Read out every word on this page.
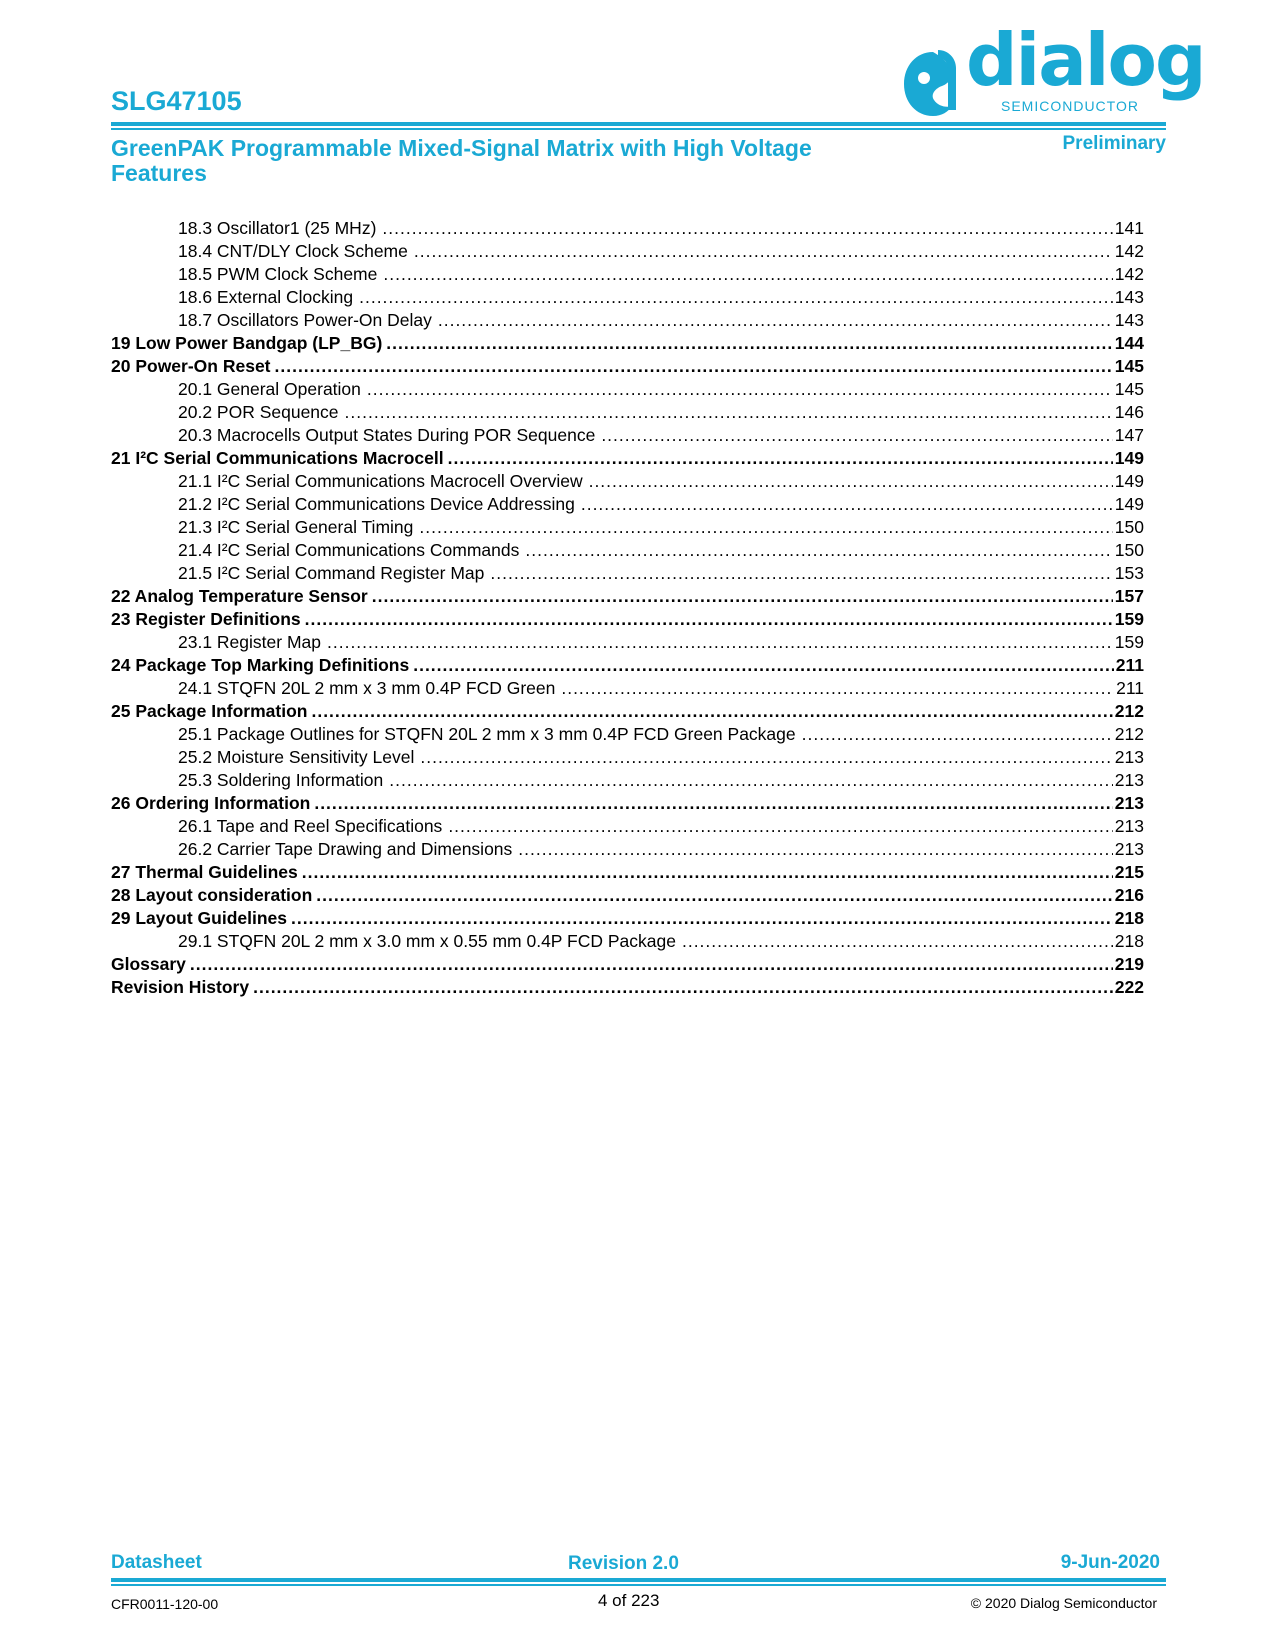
SLG47105
GreenPAK Programmable Mixed-Signal Matrix with High Voltage Features
Preliminary
dialog
SEMICONDUCTOR
18.3 Oscillator1 (25 MHz) .....	141
18.4 CNT/DLY Clock Scheme .....	142
18.5 PWM Clock Scheme .....	142
18.6 External Clocking .....	143
18.7 Oscillators Power-On Delay .....	143
19 Low Power Bandgap (LP_BG) .....	144
20 Power-On Reset .....	145
20.1 General Operation .....	145
20.2 POR Sequence .....	146
20.3 Macrocells Output States During POR Sequence .....	147
21 I²C Serial Communications Macrocell .....	149
21.1 I²C Serial Communications Macrocell Overview .....	149
21.2 I²C Serial Communications Device Addressing .....	149
21.3 I²C Serial General Timing .....	150
21.4 I²C Serial Communications Commands .....	150
21.5 I²C Serial Command Register Map .....	153
22 Analog Temperature Sensor .....	157
23 Register Definitions .....	159
23.1 Register Map .....	159
24 Package Top Marking Definitions .....	211
24.1 STQFN 20L 2 mm x 3 mm 0.4P FCD Green .....	211
25 Package Information .....	212
25.1 Package Outlines for STQFN 20L 2 mm x 3 mm 0.4P FCD Green Package .....	212
25.2 Moisture Sensitivity Level .....	213
25.3 Soldering Information .....	213
26 Ordering Information .....	213
26.1 Tape and Reel Specifications .....	213
26.2 Carrier Tape Drawing and Dimensions .....	213
27 Thermal Guidelines .....	215
28 Layout consideration .....	216
29 Layout Guidelines .....	218
29.1 STQFN 20L 2 mm x 3.0 mm x 0.55 mm 0.4P FCD Package .....	218
Glossary .....	219
Revision History .....	222
Datasheet	Revision 2.0	9-Jun-2020
CFR0011-120-00	4 of 223	© 2020 Dialog Semiconductor
